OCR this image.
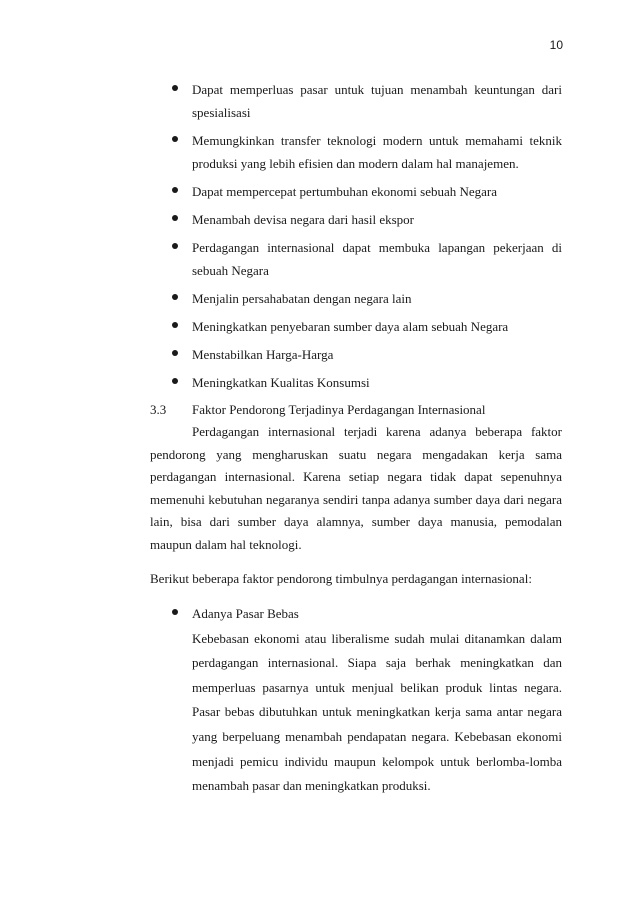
10
Dapat memperluas pasar untuk tujuan menambah keuntungan dari
spesialisasi
Memungkinkan transfer teknologi modern untuk memahami teknik
produksi yang lebih efisien dan modern dalam hal manajemen.
Dapat mempercepat pertumbuhan ekonomi sebuah Negara
Menambah devisa negara dari hasil ekspor
Perdagangan internasional dapat membuka lapangan pekerjaan di
sebuah Negara
Menjalin persahabatan dengan negara lain
Meningkatkan penyebaran sumber daya alam sebuah Negara
Menstabilkan Harga-Harga
Meningkatkan Kualitas Konsumsi
3.3	Faktor Pendorong Terjadinya Perdagangan Internasional
Perdagangan internasional terjadi karena adanya beberapa faktor
pendorong yang mengharuskan suatu negara mengadakan kerja sama
perdagangan internasional. Karena setiap negara tidak dapat sepenuhnya
memenuhi kebutuhan negaranya sendiri tanpa adanya sumber daya dari negara
lain, bisa dari sumber daya alamnya, sumber daya manusia, pemodalan
maupun dalam hal teknologi.
Berikut beberapa faktor pendorong timbulnya perdagangan internasional:
Adanya Pasar Bebas
Kebebasan ekonomi atau liberalisme sudah mulai ditanamkan dalam
perdagangan internasional. Siapa saja berhak meningkatkan dan
memperluas pasarnya untuk menjual belikan produk lintas negara.
Pasar bebas dibutuhkan untuk meningkatkan kerja sama antar negara
yang berpeluang menambah pendapatan negara. Kebebasan ekonomi
menjadi pemicu individu maupun kelompok untuk berlomba-lomba
menambah pasar dan meningkatkan produksi.
